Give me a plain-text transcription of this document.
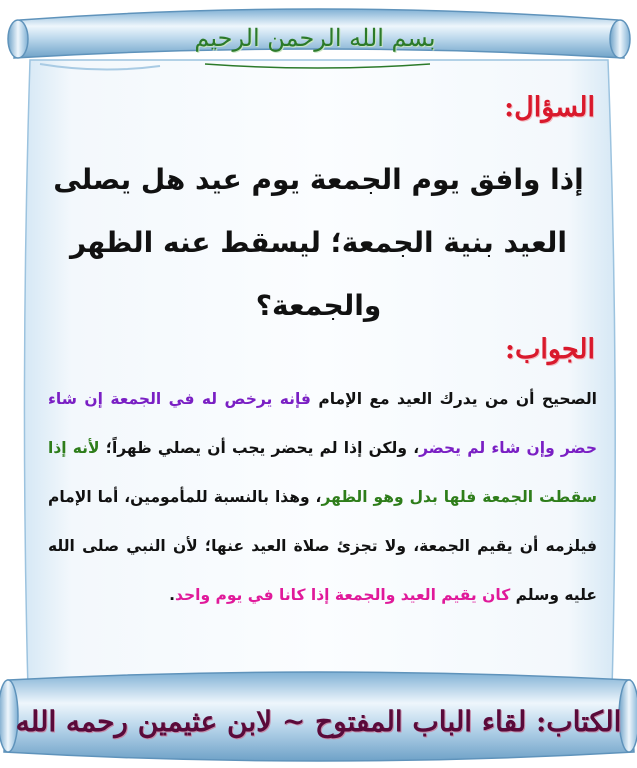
بسم الله الرحمن الرحيم
السؤال:
إذا وافق يوم الجمعة يوم عيد هل يصلى العيد بنية الجمعة؛ ليسقط عنه الظهر والجمعة؟
الجواب:
الصحيح أن من يدرك العيد مع الإمام فإنه يرخص له في الجمعة إن شاء حضر وإن شاء لم يحضر، ولكن إذا لم يحضر يجب أن يصلي ظهراً؛ لأنه إذا سقطت الجمعة فلها بدل وهو الظهر، وهذا بالنسبة للمأمومين، أما الإمام فيلزمه أن يقيم الجمعة، ولا تجزئ صلاة العيد عنها؛ لأن النبي صلى الله عليه وسلم كان يقيم العيد والجمعة إذا كانا في يوم واحد.
الكتاب: لقاء الباب المفتوح ~ لابن عثيمين رحمه الله
